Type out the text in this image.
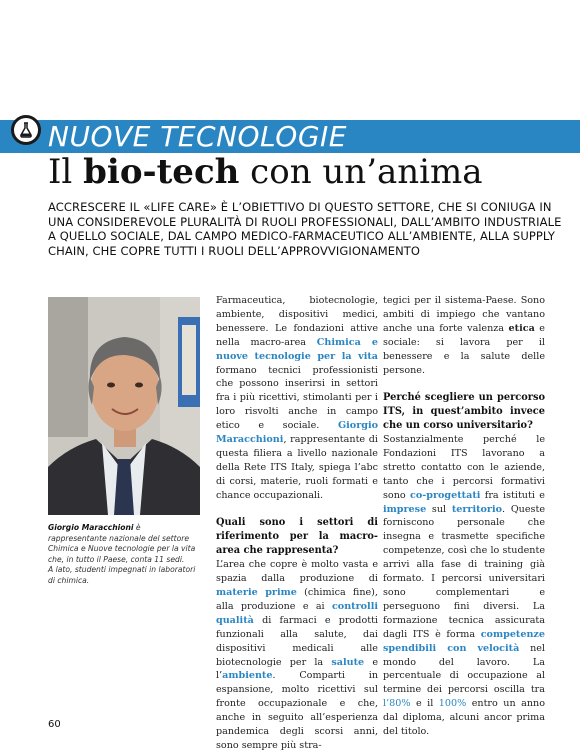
NUOVE TECNOLOGIE
Il bio-tech con un’anima

ACCRESCERE IL «LIFE CARE» È L’OBIETTIVO DI QUESTO SETTORE, CHE SI CONIUGA IN UNA CONSIDEREVOLE PLURALITÀ DI RUOLI PROFESSIONALI, DALL’AMBITO INDUSTRIALE A QUELLO SOCIALE, DAL CAMPO MEDICO-FARMACEUTICO ALL’AMBIENTE, ALLA SUPPLY CHAIN, CHE COPRE TUTTI I RUOLI DELL’APPROVVIGIONAMENTO

Giorgio Maracchioni è rappresentante nazionale del settore Chimica e Nuove tecnologie per la vita che, in tutto il Paese, conta 11 sedi.
A lato, studenti impegnati in laboratori di chimica.

Farmaceutica, biotecnologie, ambiente, dispositivi medici, benessere. Le fondazioni attive nella macro-area Chimica e nuove tecnologie per la vita formano tecnici professionisti che possono inserirsi in settori fra i più ricettivi, stimolanti per i loro risvolti anche in campo etico e sociale. Giorgio Maracchioni, rappresentante di questa filiera a livello nazionale della Rete ITS Italy, spiega l’abc di corsi, materie, ruoli formati e chance occupazionali.

Quali sono i settori di riferimento per la macro-area che rappresenta?

L’area che copre è molto vasta e spazia dalla produzione di materie prime (chimica fine), alla produzione e ai controlli qualità di farmaci e prodotti funzionali alla salute, dai dispositivi medicali alle biotecnologie per la salute e l’ambiente. Comparti in espansione, molto ricettivi sul fronte occupazionale e che, anche in seguito all’esperienza pandemica degli scorsi anni, sono sempre più stra-

tegici per il sistema-Paese. Sono ambiti di impiego che vantano anche una forte valenza etica e sociale: si lavora per il benessere e la salute delle persone.

Perché scegliere un percorso ITS, in quest’ambito invece che un corso universitario?

Sostanzialmente perché le Fondazioni ITS lavorano a stretto contatto con le aziende, tanto che i percorsi formativi sono co-progettati fra istituti e imprese sul territorio. Queste forniscono personale che insegna e trasmette specifiche competenze, così che lo studente arrivi alla fase di training già formato. I percorsi universitari sono complementari e perseguono fini diversi. La formazione tecnica assicurata dagli ITS è forma competenze spendibili con velocità nel mondo del lavoro. La percentuale di occupazione al termine dei percorsi oscilla tra l’80% e il 100% entro un anno dal diploma, alcuni ancor prima del titolo.

60
